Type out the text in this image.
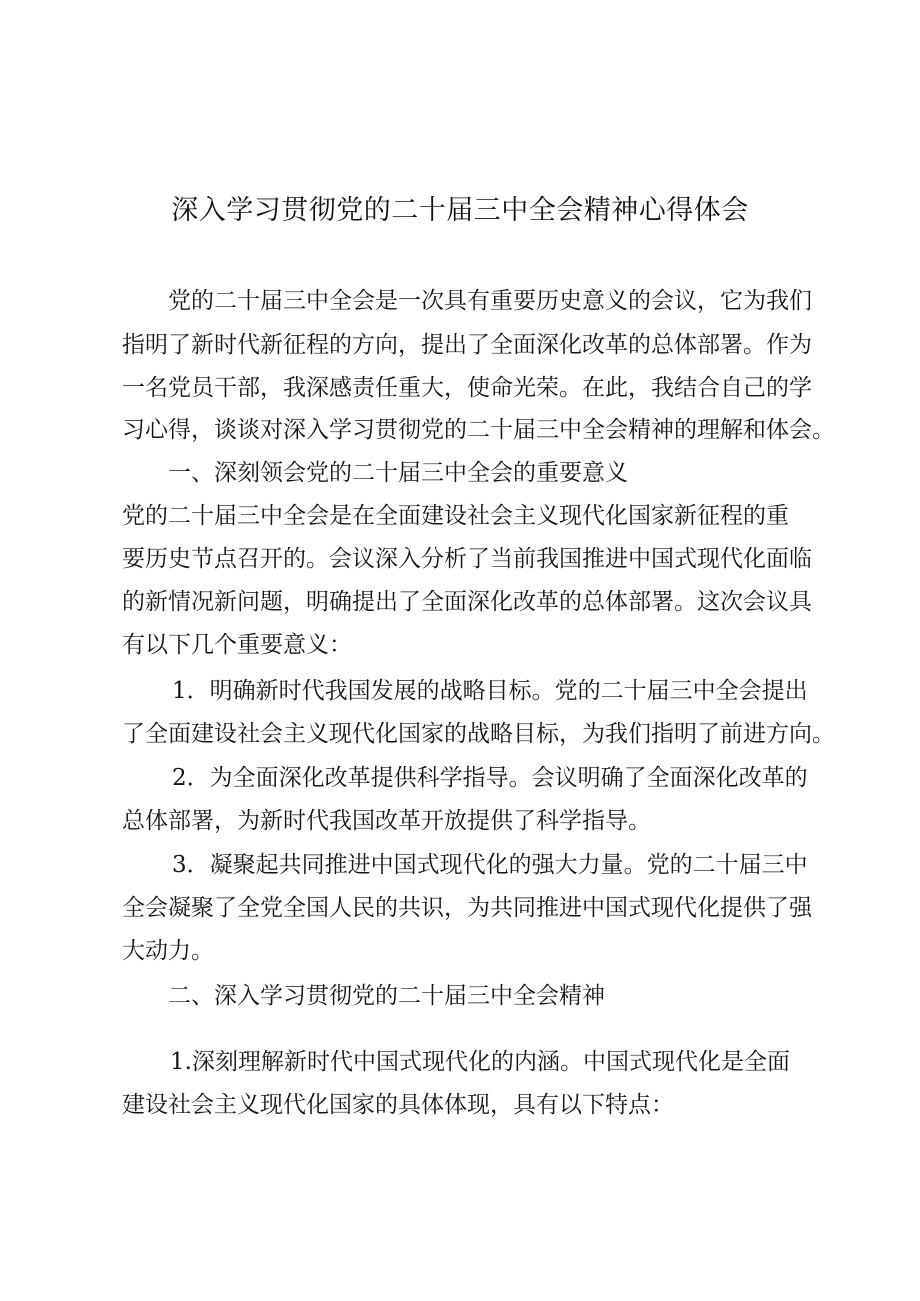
深入学习贯彻党的二十届三中全会精神心得体会

党的二十届三中全会是一次具有重要历史意义的会议，它为我们

指明了新时代新征程的方向，提出了全面深化改革的总体部署。作为

一名党员干部，我深感责任重大，使命光荣。在此，我结合自己的学

习心得，谈谈对深入学习贯彻党的二十届三中全会精神的理解和体会。

一、深刻领会党的二十届三中全会的重要意义

党的二十届三中全会是在全面建设社会主义现代化国家新征程的重

要历史节点召开的。会议深入分析了当前我国推进中国式现代化面临

的新情况新问题，明确提出了全面深化改革的总体部署。这次会议具

有以下几个重要意义：

1．明确新时代我国发展的战略目标。党的二十届三中全会提出

了全面建设社会主义现代化国家的战略目标，为我们指明了前进方向。

2．为全面深化改革提供科学指导。会议明确了全面深化改革的

总体部署，为新时代我国改革开放提供了科学指导。

3．凝聚起共同推进中国式现代化的强大力量。党的二十届三中

全会凝聚了全党全国人民的共识，为共同推进中国式现代化提供了强

大动力。

二、深入学习贯彻党的二十届三中全会精神

1.深刻理解新时代中国式现代化的内涵。中国式现代化是全面

建设社会主义现代化国家的具体体现，具有以下特点：
